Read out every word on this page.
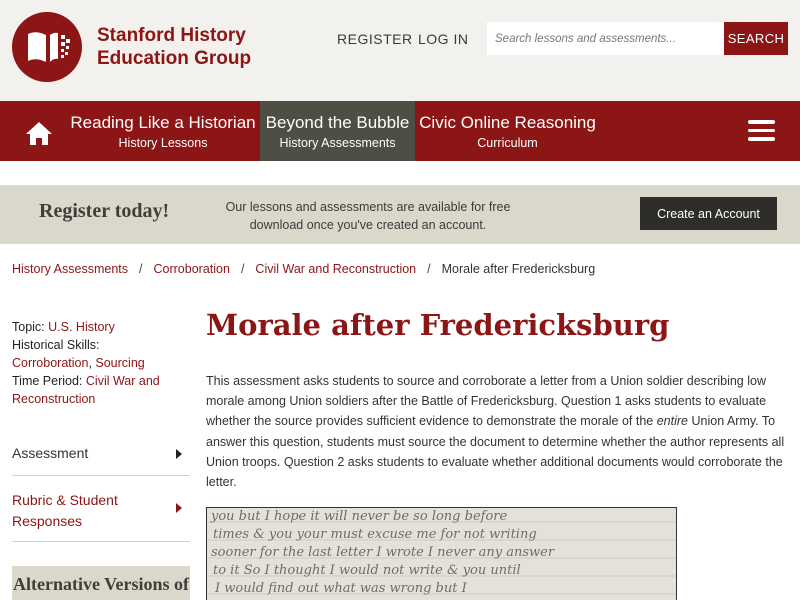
Stanford History
Education Group
REGISTER LOG IN
Search lessons and assessments...	SEARCH
Reading Like a Historian
History Lessons
Beyond the Bubble
History Assessments
Civic Online Reasoning
Curriculum
Register today!	Our lessons and assessments are available for free download once you've created an account.
Create an Account
History Assessments / Corroboration / Civil War and Reconstruction / Morale after Fredericksburg
Topic: U.S. History
Historical Skills:
Corroboration, Sourcing
Time Period: Civil War and Reconstruction
Assessment
Rubric & Student Responses
Alternative Versions of
Morale after Fredericksburg

This assessment asks students to source and corroborate a letter from a Union soldier describing low morale among Union soldiers after the Battle of Fredericksburg. Question 1 asks students to evaluate whether the source provides sufficient evidence to demonstrate the morale of the entire Union Army. To answer this question, students must source the document to determine whether the author represents all Union troops. Question 2 asks students to evaluate whether additional documents would corroborate the letter.

you but I hope it will never be so long before
times & you your must excuse me for not writing
sooner for the last letter I wrote I never any answer
to it So I thought I would not write & you until
I would find out what was wrong but I
